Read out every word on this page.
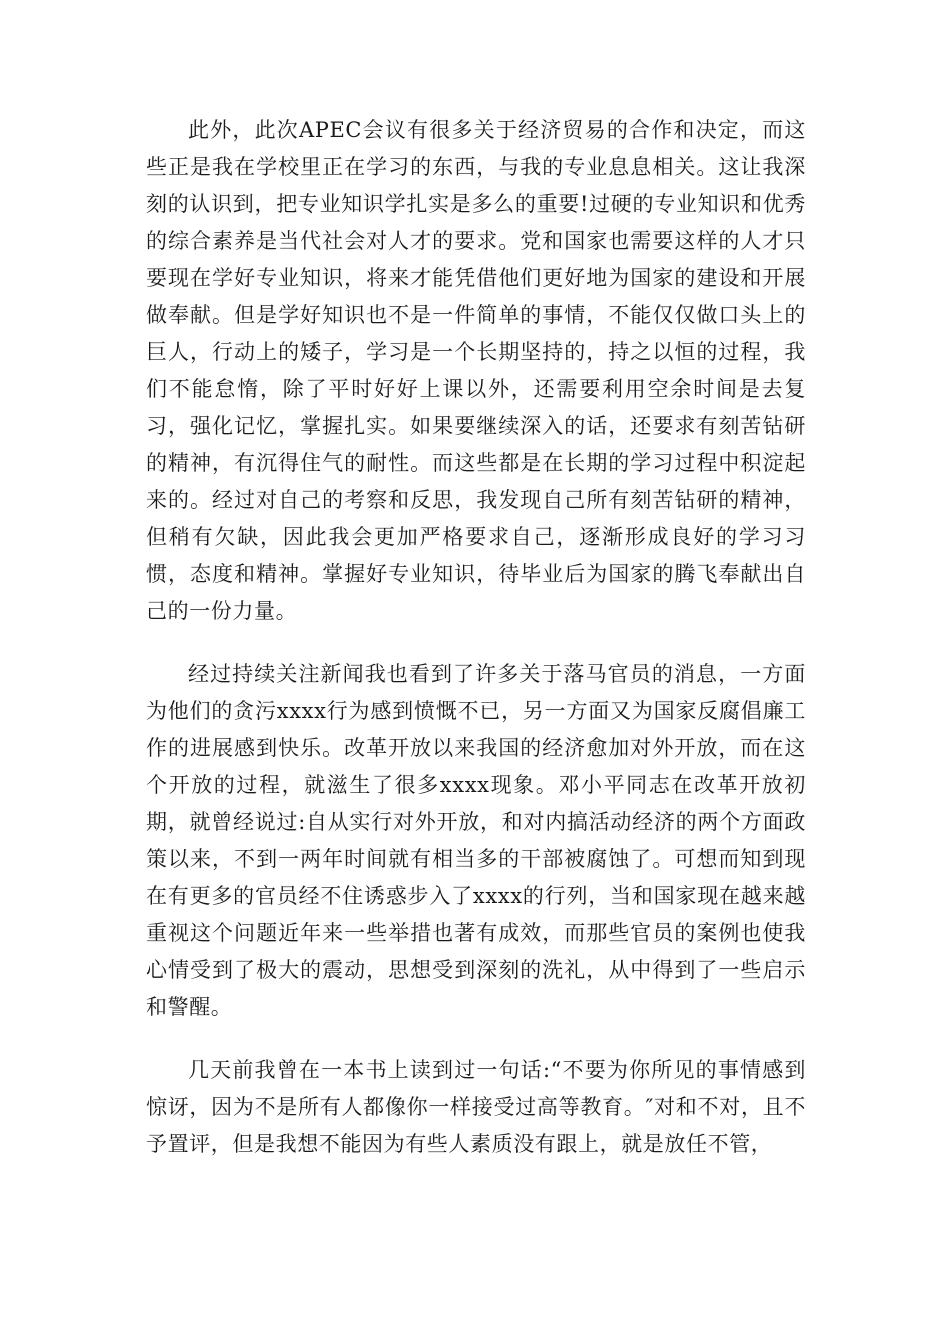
此外，此次APEC会议有很多关于经济贸易的合作和决定，而这些正是我在学校里正在学习的东西，与我的专业息息相关。这让我深刻的认识到，把专业知识学扎实是多么的重要!过硬的专业知识和优秀的综合素养是当代社会对人才的要求。党和国家也需要这样的人才只要现在学好专业知识，将来才能凭借他们更好地为国家的建设和开展做奉献。但是学好知识也不是一件简单的事情，不能仅仅做口头上的巨人，行动上的矮子，学习是一个长期坚持的，持之以恒的过程，我们不能怠惰，除了平时好好上课以外，还需要利用空余时间是去复习，强化记忆，掌握扎实。如果要继续深入的话，还要求有刻苦钻研的精神，有沉得住气的耐性。而这些都是在长期的学习过程中积淀起来的。经过对自己的考察和反思，我发现自己所有刻苦钻研的精神，但稍有欠缺，因此我会更加严格要求自己，逐渐形成良好的学习习惯，态度和精神。掌握好专业知识，待毕业后为国家的腾飞奉献出自己的一份力量。

经过持续关注新闻我也看到了许多关于落马官员的消息，一方面为他们的贪污xxxx行为感到愤慨不已，另一方面又为国家反腐倡廉工作的进展感到快乐。改革开放以来我国的经济愈加对外开放，而在这个开放的过程，就滋生了很多xxxx现象。邓小平同志在改革开放初期，就曾经说过:自从实行对外开放，和对内搞活动经济的两个方面政策以来，不到一两年时间就有相当多的干部被腐蚀了。可想而知到现在有更多的官员经不住诱惑步入了xxxx的行列，当和国家现在越来越重视这个问题近年来一些举措也著有成效，而那些官员的案例也使我心情受到了极大的震动，思想受到深刻的洗礼，从中得到了一些启示和警醒。

几天前我曾在一本书上读到过一句话:“不要为你所见的事情感到惊讶，因为不是所有人都像你一样接受过高等教育。″对和不对，且不予置评，但是我想不能因为有些人素质没有跟上，就是放任不管，
